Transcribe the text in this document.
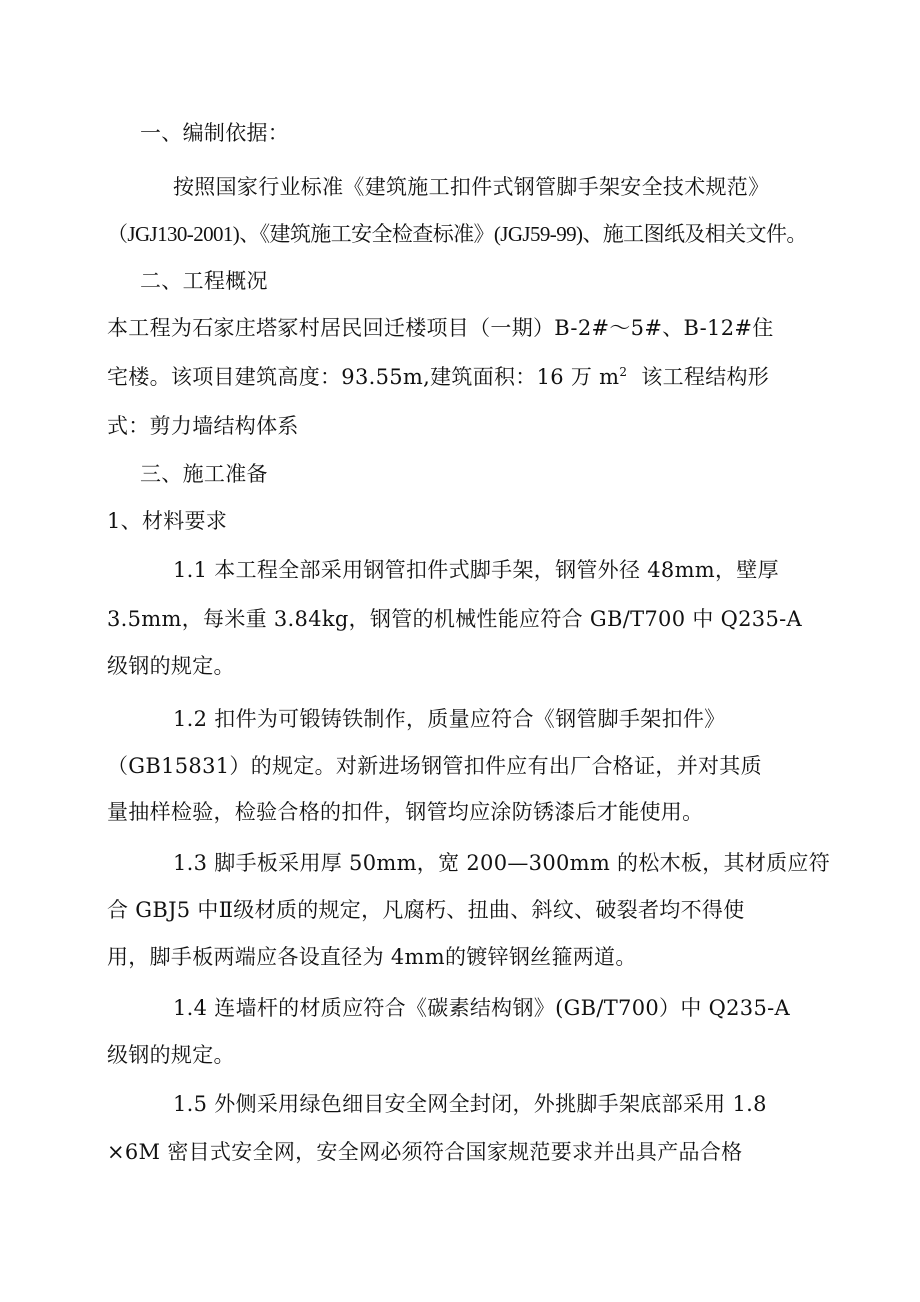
一、编制依据：
按照国家行业标准《建筑施工扣件式钢管脚手架安全技术规范》
（JGJ130-2001)、《建筑施工安全检查标准》(JGJ59-99)、施工图纸及相关文件。
二、工程概况
本工程为石家庄塔冢村居民回迁楼项目（一期）B-2#～5#、B-12#住
宅楼。该项目建筑高度：93.55m,建筑面积：16 万 $m^2$  该工程结构形
式：剪力墙结构体系
三、施工准备
1、材料要求
1.1 本工程全部采用钢管扣件式脚手架，钢管外径 48mm，壁厚
3.5mm，每米重 3.84kg，钢管的机械性能应符合 GB/T700 中 Q235-A
级钢的规定。
1.2 扣件为可锻铸铁制作，质量应符合《钢管脚手架扣件》
（GB15831）的规定。对新进场钢管扣件应有出厂合格证，并对其质
量抽样检验，检验合格的扣件，钢管均应涂防锈漆后才能使用。
1.3 脚手板采用厚 50mm，宽 200—300mm 的松木板，其材质应符
合 GBJ5 中Ⅱ级材质的规定，凡腐朽、扭曲、斜纹、破裂者均不得使
用，脚手板两端应各设直径为 4mm的镀锌钢丝箍两道。
1.4 连墙杆的材质应符合《碳素结构钢》(GB/T700）中 Q235-A
级钢的规定。
1.5 外侧采用绿色细目安全网全封闭，外挑脚手架底部采用 1.8
×6M 密目式安全网，安全网必须符合国家规范要求并出具产品合格
